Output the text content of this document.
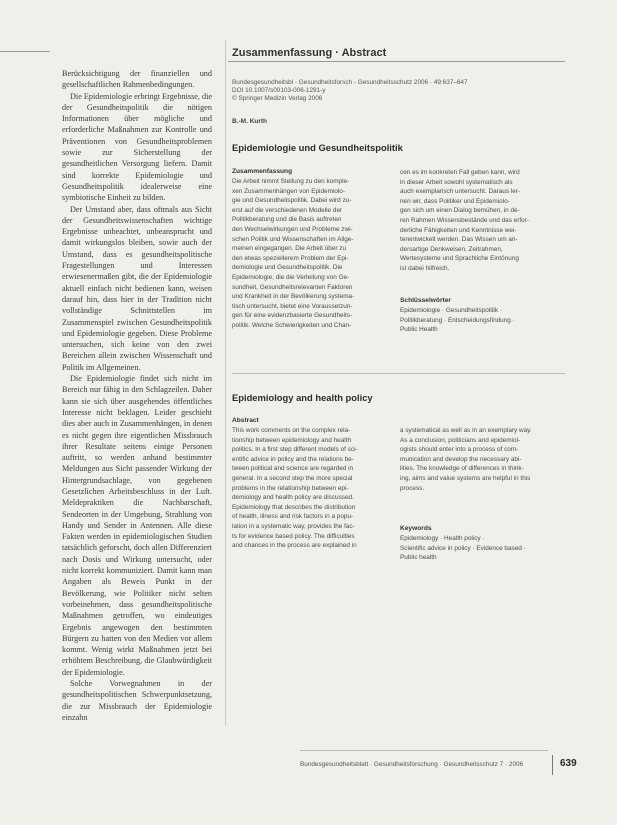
Berücksichtigung der finanziellen und gesellschaftlichen Rahmenbedingungen.

Die Epidemiologie erbringt Ergebnisse, die der Gesundheitspolitik die nötigen Informationen über mögliche und erforderliche Maßnahmen zur Kontrolle und Präventionen von Gesundheitsproblemen sowie zur Sicherstellung der gesundheitlichen Versorgung liefern. Damit sind korrekte Epidemiologie und Gesundheitspolitik idealerweise eine symbiotische Einheit zu bilden.

Der Umstand aber, dass oftmals aus Sicht der Gesundheitswissenschaften wichtige Ergebnisse unbeachtet, unbeansprucht und damit wirkungslos bleiben, sowie auch der Umstand, dass es gesundheitspolitische Fragestellungen und Interessen erwiesenermaßen gibt, die der Epidemiologie aktuell einfach nicht bedienen kann, weisen darauf hin, dass hier in der Tradition nicht vollständige Schnittstellen im Zusammenspiel zwischen Gesundheitspolitik und Epidemiologie gegeben. Diese Probleme untersuchen, sich keine von den zwei Bereichen allein zwischen Wissenschaft und Politik im Allgemeinen.

Die Epidemiologie findet sich nicht im Bereich nur fähig in den Schlagzeilen. Daher kann sie sich über ausgehendes öffentliches Interesse nicht beklagen. Leider geschieht dies aber auch in Zusammenhängen, in denen es nicht gegen ihre eigentlichen Missbrauch ihrer Resultate seitens einige Personen auftritt, so werden anhand bestimmter Meldungen aus Sicht passender Wirkung der Hintergrundsachlage, von gegebenen Gesetzlichen Arbeitsbeschluss in der Luft. Meldepraktiken die Nachbarschaft, Sendeorten in der Umgebung, Strahlung von Handy und Sender in Antennen. Alle diese Fakten werden in epidemiologischen Studien tatsächlich geforscht, doch allen Differenziert nach Dosis und Wirkung untersucht, oder nicht korrekt kommuniziert. Damit kann man Angaben als Beweis Punkt in der Bevölkerung, wie Politiker nicht selten vorbeinehmen, dass gesundheitspolitische Maßnahmen getroffen, wo eindeutiges Ergebnis angewogen den bestimmten Bürgern zu hatten von den Medien vor allem kommt. Wenig wirkt Maßnahmen jetzt bei erhöhtem Beschreibung, die Glaubwürdigkeit der Epidemiologie.

Solche Vorwegnahmen in der gesundheitspolitischen Schwerpunktsetzung, die zur Missbrauch der Epidemiologie einzahn

Zusammenfassung · Abstract
Bundesgesundheitsbl - Gesundheitsforsch - Gesundheitsschutz 2006 · 49:637–647
DOI 10.1007/s00103-006-1291-y
© Springer Medizin Verlag 2006
B.-M. Kurth
Epidemiologie und Gesundheitspolitik
Zusammenfassung
Die Arbeit nimmt Stellung zu den komple-
xen Zusammenhängen von Epidemiolo-
gie und Gesundheitspolitik. Dabei wird zu-
erst auf die verschiedenen Modelle der
Politikberatung und die Basis auftreten
den Wechselwirkungen und Probleme zwi-
schen Politik und Wissenschaften im Allge-
meinen eingegangen. Die Arbeit über zu
den etwas speziellerem Problem der Epi-
demiologie und Gesundheitspolitik. Die
Epidemiologie, die die Verteilung von Ge-
sundheit, Gesundheitsrelevanten Faktoren
und Krankheit in der Bevölkerung systema-
tisch untersucht, bietet eine Voraussetzun-
gen für eine evidenzbasierte Gesundheits-
politik. Welche Schwierigkeiten und Chan-
cen es im konkreten Fall geben kann, wird
in dieser Arbeit sowohl systematisch als
auch exemplarisch untersucht. Daraus ler-
nen wir, dass Politiker und Epidemiolo-
gen sich um einen Dialog bemühen, in de-
ren Rahmen Wissensbestände und das erfor-
derliche Fähigkeiten und Kenntnisse wei-
terentwickelt werden. Das Wissen um an-
dersartige Denkweisen, Zeitrahmen,
Wertesysteme und Sprachliche Eintönung
ist dabei hilfreich.
Schlüsselwörter
Epidemiologie · Gesundheitspolitik ·
Politikberatung · Entscheidungsfindung ·
Public Health
Epidemiology and health policy
Abstract
This work comments on the complex rela-
tionship between epidemiology and health
politics. In a first step different models of sci-
entific advice in policy and the relations be-
tween political and science are regarded in
general. In a second step the more special
problems in the relationship between epi-
demiology and health policy are discussed.
Epidemiology that describes the distribution
of health, illness and risk factors in a popu-
lation in a systematic way, provides the fac-
ts for evidence based policy. The difficulties
and chances in the process are explained in
a systematical as well as in an exemplary way.
As a conclusion, politicians and epidemiol-
ogists should enter into a process of com-
munication and develop the necessary abi-
lities. The knowledge of differences in think-
ing, aims and value systems are helpful in this
process.
Keywords
Epidemiology · Health policy ·
Scientific advice in policy · Evidence based ·
Public health
Bundesgesundheitsblatt · Gesundheitsforschung · Gesundheitsschutz 7 · 2006	639
